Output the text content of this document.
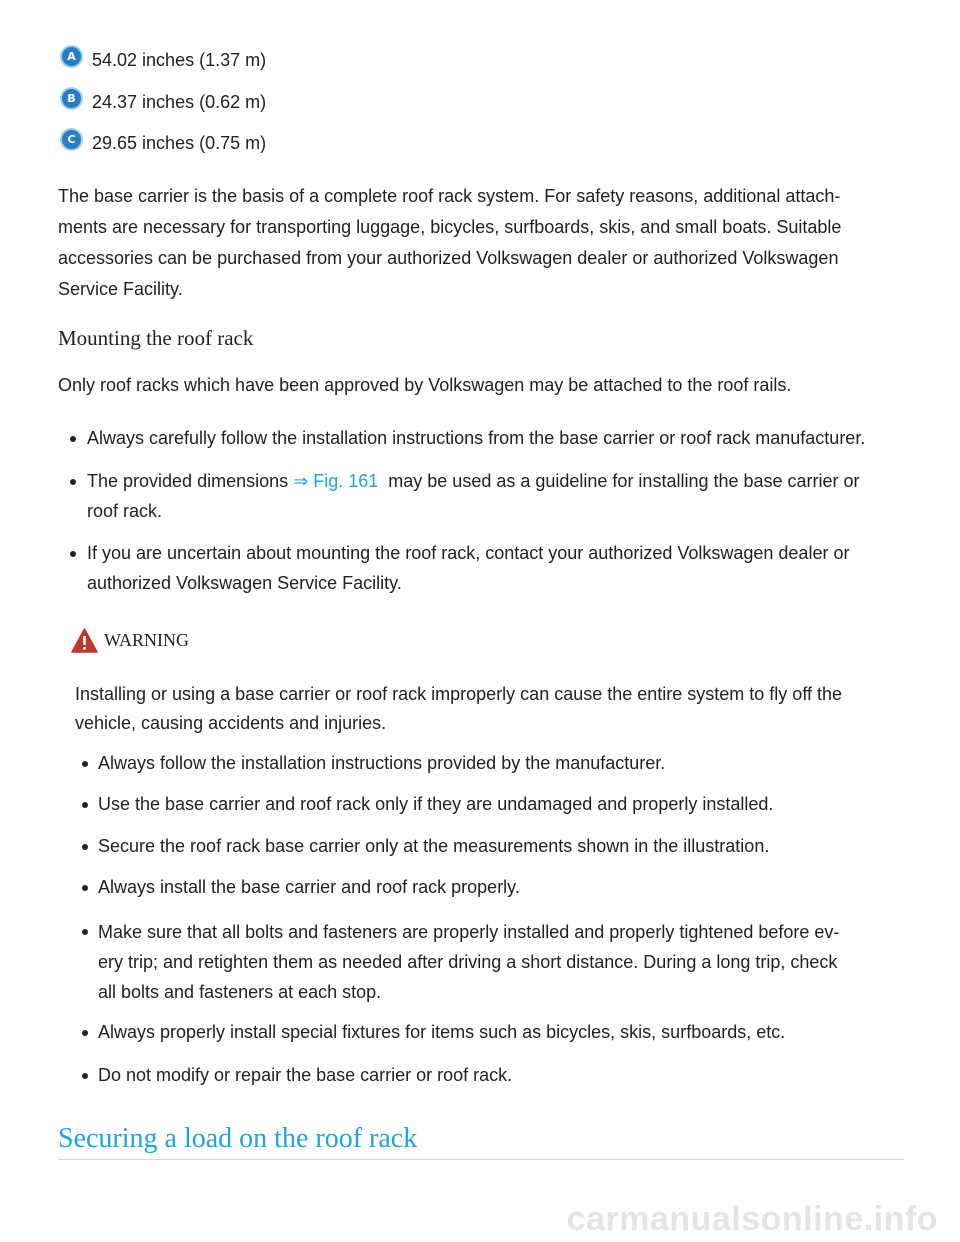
A 54.02 inches (1.37 m)
B 24.37 inches (0.62 m)
C 29.65 inches (0.75 m)
The base carrier is the basis of a complete roof rack system. For safety reasons, additional attach-
ments are necessary for transporting luggage, bicycles, surfboards, skis, and small boats. Suitable
accessories can be purchased from your authorized Volkswagen dealer or authorized Volkswagen
Service Facility.
Mounting the roof rack
Only roof racks which have been approved by Volkswagen may be attached to the roof rails.
Always carefully follow the installation instructions from the base carrier or roof rack manufacturer.
The provided dimensions ⇒ Fig. 161 may be used as a guideline for installing the base carrier or
roof rack.
If you are uncertain about mounting the roof rack, contact your authorized Volkswagen dealer or
authorized Volkswagen Service Facility.
WARNING
Installing or using a base carrier or roof rack improperly can cause the entire system to fly off the
vehicle, causing accidents and injuries.
Always follow the installation instructions provided by the manufacturer.
Use the base carrier and roof rack only if they are undamaged and properly installed.
Secure the roof rack base carrier only at the measurements shown in the illustration.
Always install the base carrier and roof rack properly.
Make sure that all bolts and fasteners are properly installed and properly tightened before ev-
ery trip; and retighten them as needed after driving a short distance. During a long trip, check
all bolts and fasteners at each stop.
Always properly install special fixtures for items such as bicycles, skis, surfboards, etc.
Do not modify or repair the base carrier or roof rack.
Securing a load on the roof rack
carmanualsonline.info
